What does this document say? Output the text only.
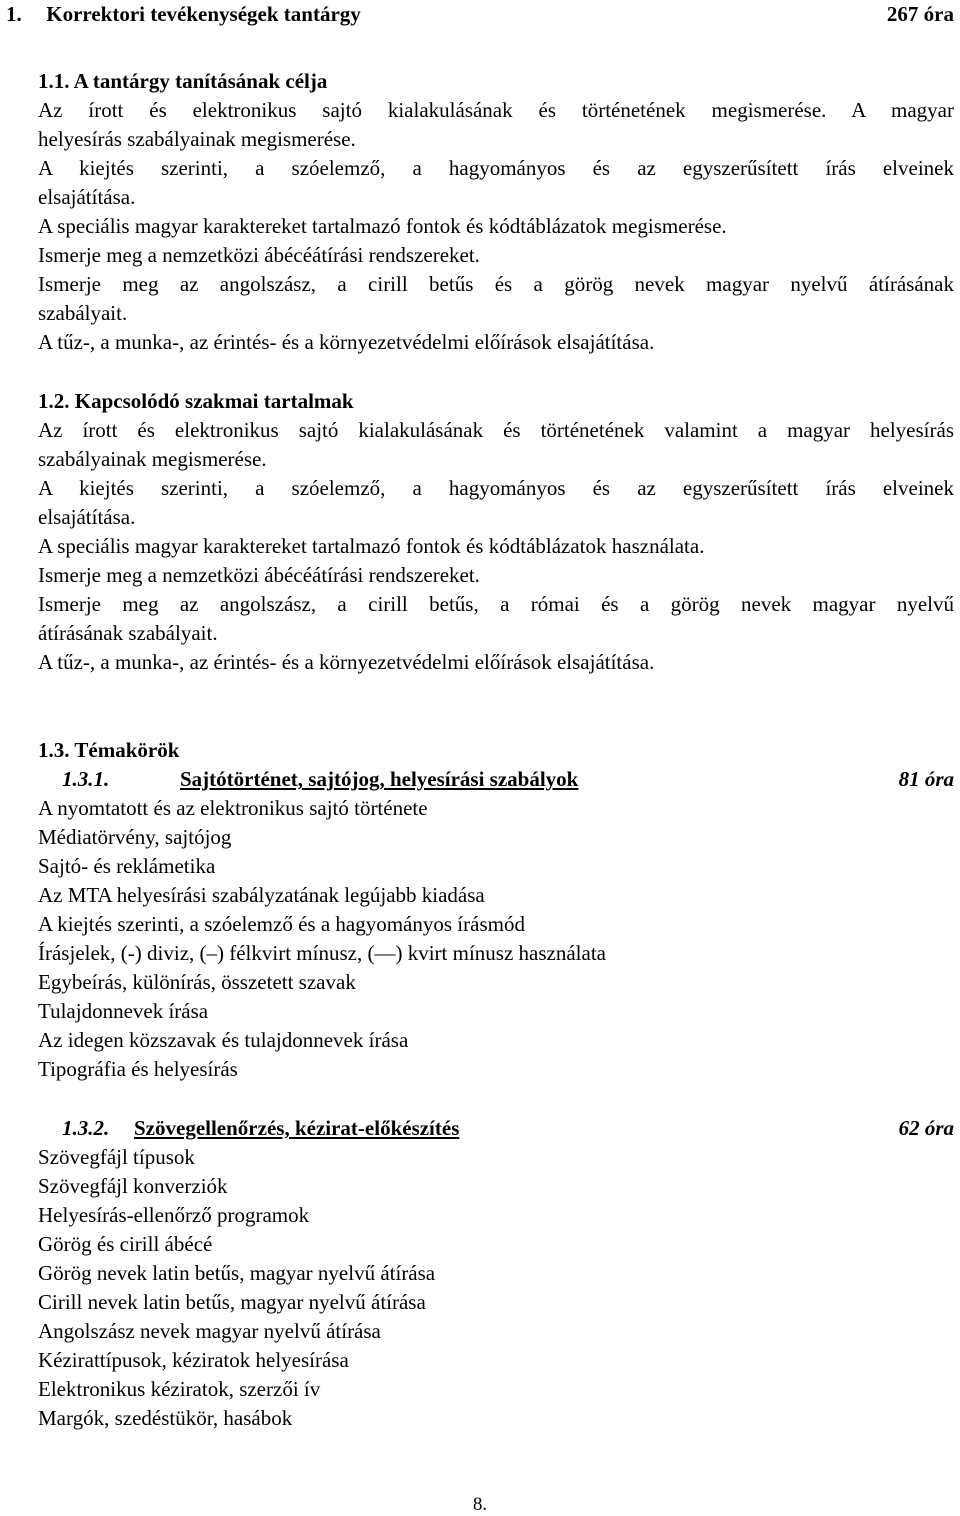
1. Korrektori tevékenységek tantárgy	267 óra
1.1. A tantárgy tanításának célja
Az írott és elektronikus sajtó kialakulásának és történetének megismerése. A magyar
helyesírás szabályainak megismerése.
A kiejtés szerinti, a szóelemző, a hagyományos és az egyszerűsített írás elveinek
elsajátítása.
A speciális magyar karaktereket tartalmazó fontok és kódtáblázatok megismerése.
Ismerje meg a nemzetközi ábécéátírási rendszereket.
Ismerje meg az angolszász, a cirill betűs és a görög nevek magyar nyelvű átírásának
szabályait.
A tűz-, a munka-, az érintés- és a környezetvédelmi előírások elsajátítása.
1.2. Kapcsolódó szakmai tartalmak
Az írott és elektronikus sajtó kialakulásának és történetének valamint a magyar helyesírás
szabályainak megismerése.
A kiejtés szerinti, a szóelemző, a hagyományos és az egyszerűsített írás elveinek
elsajátítása.
A speciális magyar karaktereket tartalmazó fontok és kódtáblázatok használata.
Ismerje meg a nemzetközi ábécéátírási rendszereket.
Ismerje meg az angolszász, a cirill betűs, a római és a görög nevek magyar nyelvű
átírásának szabályait.
A tűz-, a munka-, az érintés- és a környezetvédelmi előírások elsajátítása.
1.3. Témakörök
1.3.1.	Sajtótörténet, sajtójog, helyesírási szabályok	81 óra
A nyomtatott és az elektronikus sajtó története
Médiatörvény, sajtójog
Sajtó- és reklámetika
Az MTA helyesírási szabályzatának legújabb kiadása
A kiejtés szerinti, a szóelemző és a hagyományos írásmód
Írásjelek, (-) diviz, (–) félkvirt mínusz, (—) kvirt mínusz használata
Egybeírás, különírás, összetett szavak
Tulajdonnevek írása
Az idegen közszavak és tulajdonnevek írása
Tipográfia és helyesírás
1.3.2. Szövegellenőrzés, kézirat-előkészítés	62 óra
Szövegfájl típusok
Szövegfájl konverziók
Helyesírás-ellenőrző programok
Görög és cirill ábécé
Görög nevek latin betűs, magyar nyelvű átírása
Cirill nevek latin betűs, magyar nyelvű átírása
Angolszász nevek magyar nyelvű átírása
Kézirattípusok, kéziratok helyesírása
Elektronikus kéziratok, szerzői ív
Margók, szedéstükör, hasábok
8.
